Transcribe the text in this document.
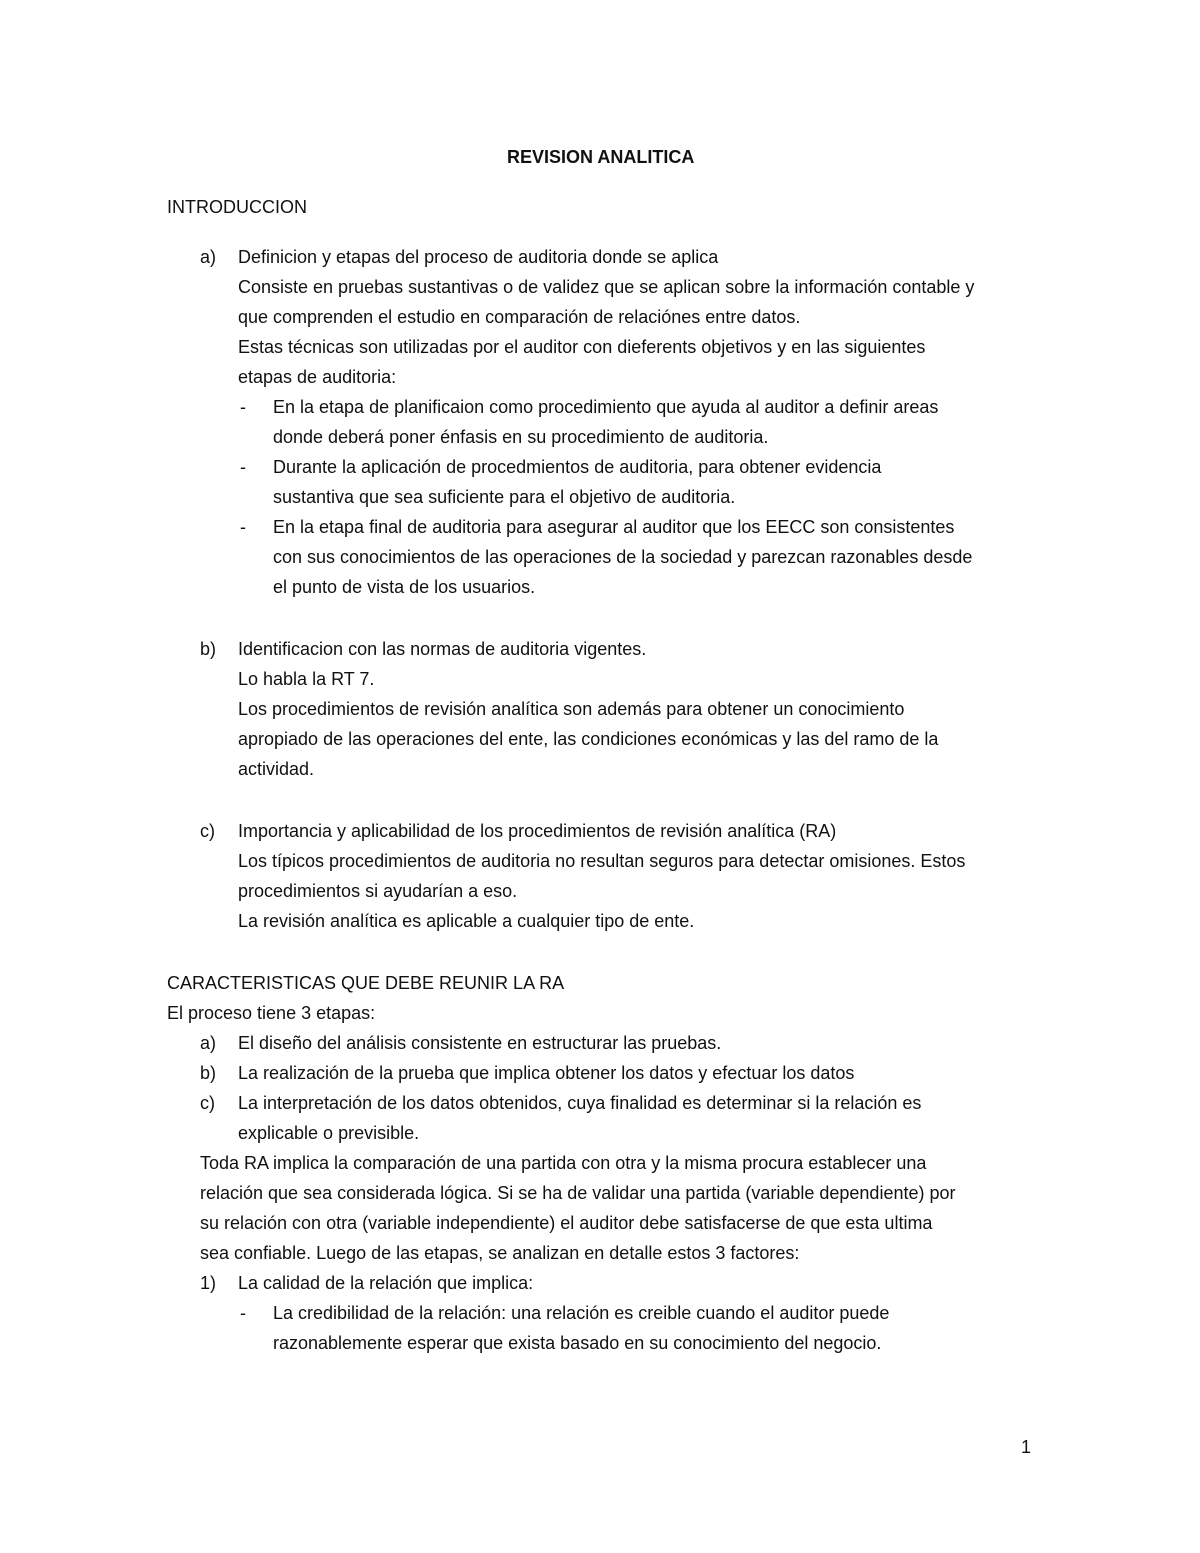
REVISION ANALITICA
INTRODUCCION
a) Definicion y etapas del proceso de auditoria donde se aplica
Consiste en pruebas sustantivas o de validez que se aplican sobre la información contable y
que comprenden el estudio en comparación de relaciónes entre datos.
Estas técnicas son utilizadas por el auditor con dieferents objetivos y en las siguientes
etapas de auditoria:
- En la etapa de planificaion como procedimiento que ayuda al auditor a definir areas
donde deberá poner énfasis en su procedimiento de auditoria.
- Durante la aplicación de procedmientos de auditoria, para obtener evidencia
sustantiva que sea suficiente para el objetivo de auditoria.
- En la etapa final de auditoria para asegurar al auditor que los EECC son consistentes
con sus conocimientos de las operaciones de la sociedad y parezcan razonables desde
el punto de vista de los usuarios.
b) Identificacion con las normas de auditoria vigentes.
Lo habla la RT 7.
Los procedimientos de revisión analítica son además para obtener un conocimiento
apropiado de las operaciones del ente, las condiciones económicas y las del ramo de la
actividad.
c) Importancia y aplicabilidad de los procedimientos de revisión analítica (RA)
Los típicos procedimientos de auditoria no resultan seguros para detectar omisiones. Estos
procedimientos si ayudarían a eso.
La revisión analítica es aplicable a cualquier tipo de ente.
CARACTERISTICAS QUE DEBE REUNIR LA RA
El proceso tiene 3 etapas:
a) El diseño del análisis consistente en estructurar las pruebas.
b) La realización de la prueba que implica obtener los datos y efectuar los datos
c) La interpretación de los datos obtenidos, cuya finalidad es determinar si la relación es
explicable o previsible.
Toda RA implica la comparación de una partida con otra y la misma procura establecer una
relación que sea considerada lógica. Si se ha de validar una partida (variable dependiente) por
su relación con otra (variable independiente) el auditor debe satisfacerse de que esta ultima
sea confiable. Luego de las etapas, se analizan en detalle estos 3 factores:
1) La calidad de la relación que implica:
- La credibilidad de la relación: una relación es creible cuando el auditor puede
razonablemente esperar que exista basado en su conocimiento del negocio.
1
